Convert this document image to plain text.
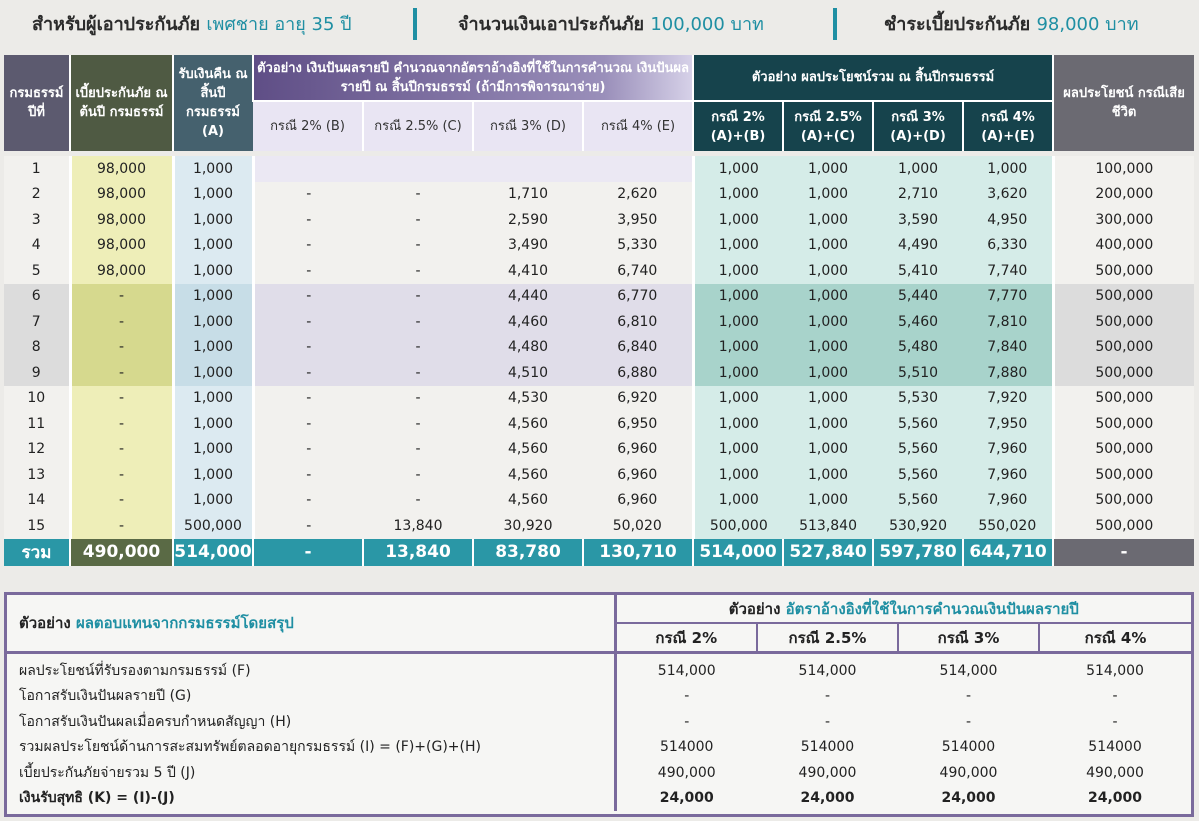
สำหรับผู้เอาประกันภัย เพศชาย อายุ 35 ปี	จำนวนเงินเอาประกันภัย 100,000 บาท	ชำระเบี้ยประกันภัย 98,000 บาท
กรมธรรม์ ปีที่	เบี้ยประกันภัย ณ ต้นปี กรมธรรม์	รับเงินคืน ณ สิ้นปี กรมธรรม์ (A)	ตัวอย่าง เงินปันผลรายปี คำนวณจากอัตราอ้างอิงที่ใช้ในการคำนวณ เงินปันผลรายปี ณ สิ้นปีกรมธรรม์ (ถ้ามีการพิจารณาจ่าย)				ตัวอย่าง ผลประโยชน์รวม ณ สิ้นปีกรมธรรม์				ผลประโยชน์ กรณีเสียชีวิต
			กรณี 2% (B)	กรณี 2.5% (C)	กรณี 3% (D)	กรณี 4% (E)	กรณี 2% (A)+(B)	กรณี 2.5% (A)+(C)	กรณี 3% (A)+(D)	กรณี 4% (A)+(E)	

1	98,000	1,000					1,000	1,000	1,000	1,000	100,000
2	98,000	1,000	-	-	1,710	2,620	1,000	1,000	2,710	3,620	200,000
3	98,000	1,000	-	-	2,590	3,950	1,000	1,000	3,590	4,950	300,000
4	98,000	1,000	-	-	3,490	5,330	1,000	1,000	4,490	6,330	400,000
5	98,000	1,000	-	-	4,410	6,740	1,000	1,000	5,410	7,740	500,000
6	-	1,000	-	-	4,440	6,770	1,000	1,000	5,440	7,770	500,000
7	-	1,000	-	-	4,460	6,810	1,000	1,000	5,460	7,810	500,000
8	-	1,000	-	-	4,480	6,840	1,000	1,000	5,480	7,840	500,000
9	-	1,000	-	-	4,510	6,880	1,000	1,000	5,510	7,880	500,000
10	-	1,000	-	-	4,530	6,920	1,000	1,000	5,530	7,920	500,000
11	-	1,000	-	-	4,560	6,950	1,000	1,000	5,560	7,950	500,000
12	-	1,000	-	-	4,560	6,960	1,000	1,000	5,560	7,960	500,000
13	-	1,000	-	-	4,560	6,960	1,000	1,000	5,560	7,960	500,000
14	-	1,000	-	-	4,560	6,960	1,000	1,000	5,560	7,960	500,000
15	-	500,000	-	13,840	30,920	50,020	500,000	513,840	530,920	550,020	500,000
รวม	490,000	514,000	-	13,840	83,780	130,710	514,000	527,840	597,780	644,710	-
ตัวอย่าง ผลตอบแทนจากกรมธรรม์โดยสรุป	ตัวอย่าง อัตราอ้างอิงที่ใช้ในการคำนวณเงินปันผลรายปี			
	กรณี 2%	กรณี 2.5%	กรณี 3%	กรณี 4%
ผลประโยชน์ที่รับรองตามกรมธรรม์ (F)	514,000	514,000	514,000	514,000
โอกาสรับเงินปันผลรายปี (G)	-	-	-	-
โอกาสรับเงินปันผลเมื่อครบกำหนดสัญญา (H)	-	-	-	-
รวมผลประโยชน์ด้านการสะสมทรัพย์ตลอดอายุกรมธรรม์ (I) = (F)+(G)+(H)	514000	514000	514000	514000
เบี้ยประกันภัยจ่ายรวม 5 ปี (J)	490,000	490,000	490,000	490,000
เงินรับสุทธิ (K) = (I)-(J)	24,000	24,000	24,000	24,000
